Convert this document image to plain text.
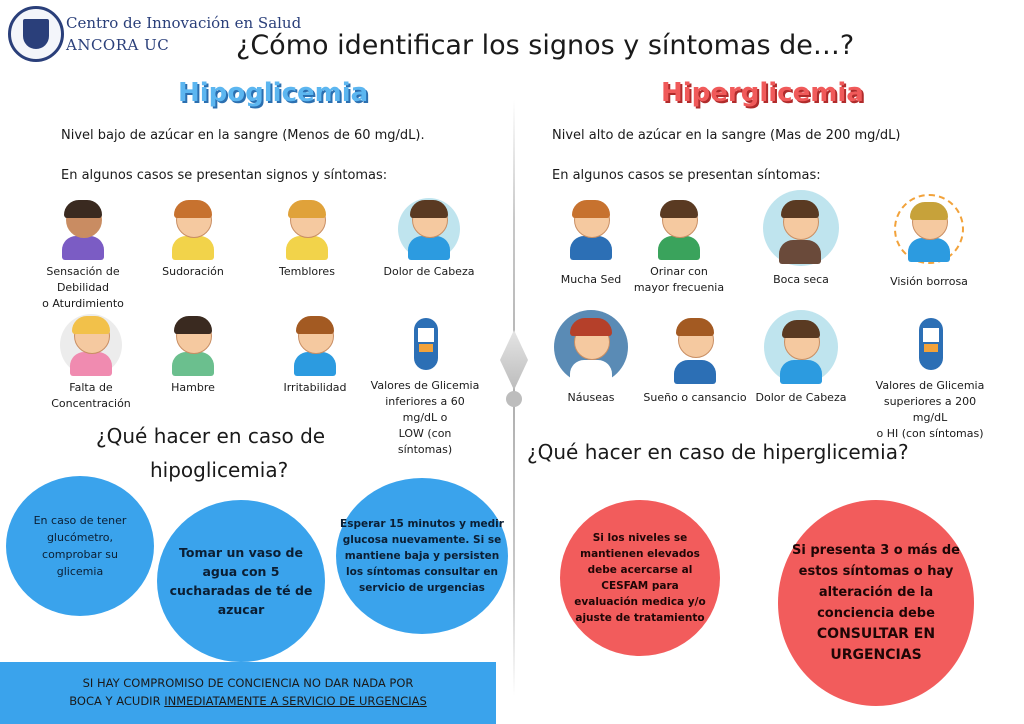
Centro de Innovación en Salud
ANCORA UC ¿Cómo identificar los signos y síntomas de…?
Hipoglicemia	Hiperglicemia
Nivel bajo de azúcar en la sangre (Menos de 60 mg/dL).
En algunos casos se presentan signos y síntomas:
Nivel alto de azúcar en la sangre (Mas de 200 mg/dL)
En algunos casos se presentan síntomas:
Sensación de Debilidad
o Aturdimiento
Sudoración	Temblores	Dolor de Cabeza
Falta de
Concentración
Hambre	Irritabilidad	Valores de Glicemia
inferiores a 60 mg/dL o
LOW (con síntomas)
Mucha Sed
Orinar con
mayor frecuenia
Boca seca	Visión borrosa
Náuseas	Sueño o cansancio Dolor de Cabeza
Valores de Glicemia
superiores a 200 mg/dL
o HI (con síntomas)
¿Qué hacer en caso de
hipoglicemia?
¿Qué hacer en caso de hiperglicemia?
En caso de tener
glucómetro,
comprobar su
glicemia
Tomar un vaso de
agua con 5
cucharadas de té de
azucar
Esperar 15 minutos y medir
glucosa nuevamente. Si se
mantiene baja y persisten
los síntomas consultar en
servicio de urgencias
SI HAY COMPROMISO DE CONCIENCIA NO DAR NADA POR
BOCA Y ACUDIR INMEDIATAMENTE A SERVICIO DE URGENCIAS
Si los niveles se
mantienen elevados
debe acercarse al
CESFAM para
evaluación medica y/o
ajuste de tratamiento
Si presenta 3 o más de
estos síntomas o hay
alteración de la
conciencia debe
CONSULTAR EN
URGENCIAS
